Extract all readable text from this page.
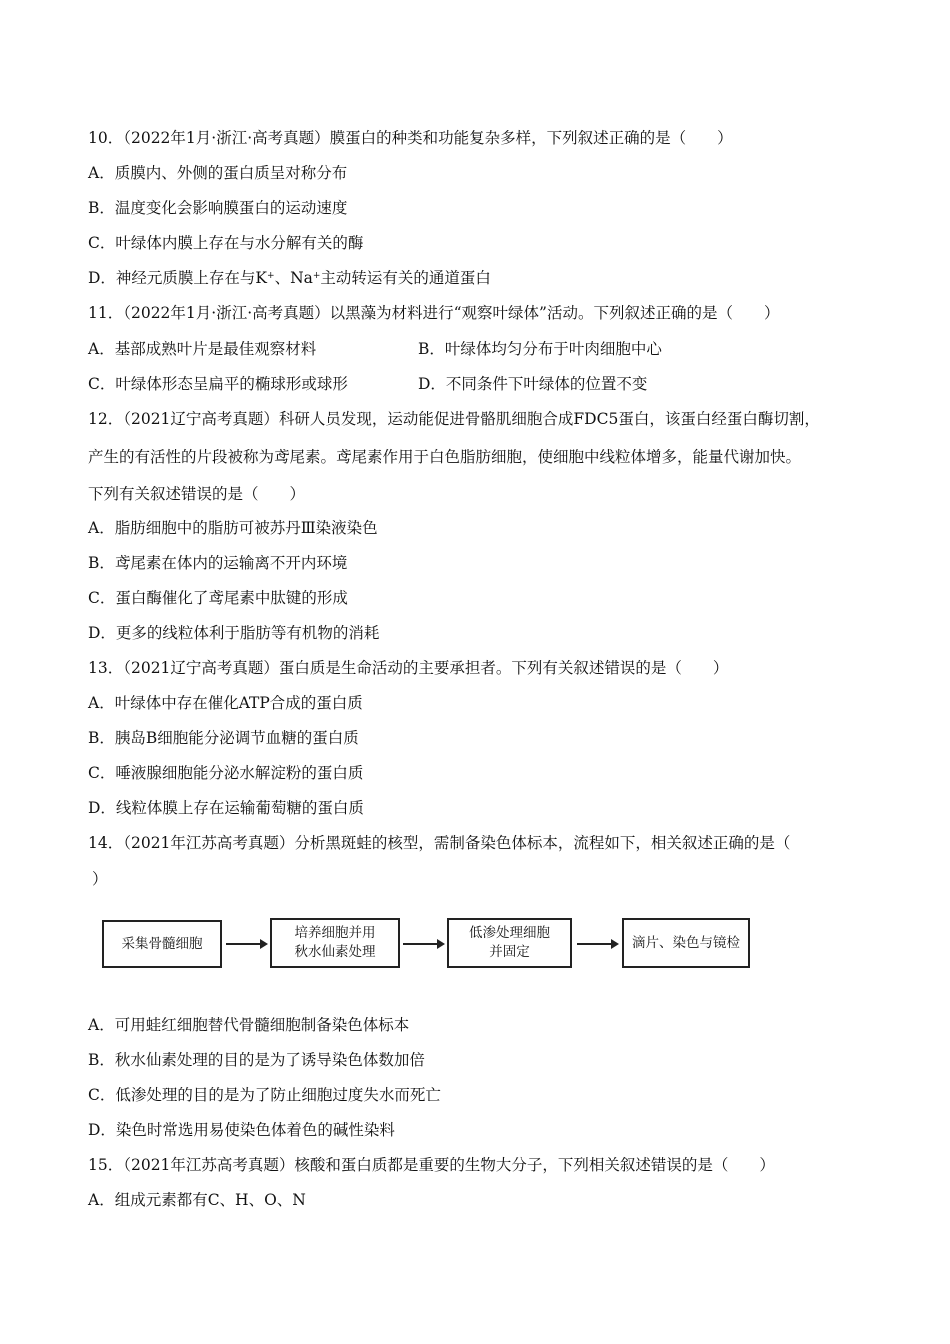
10．（2022年1月·浙江·高考真题）膜蛋白的种类和功能复杂多样，下列叙述正确的是（　　）
A．质膜内、外侧的蛋白质呈对称分布
B．温度变化会影响膜蛋白的运动速度
C．叶绿体内膜上存在与水分解有关的酶
D．神经元质膜上存在与K+、Na+主动转运有关的通道蛋白
11．（2022年1月·浙江·高考真题）以黑藻为材料进行“观察叶绿体”活动。下列叙述正确的是（　　）
A．基部成熟叶片是最佳观察材料	B．叶绿体均匀分布于叶肉细胞中心
C．叶绿体形态呈扁平的椭球形或球形	D．不同条件下叶绿体的位置不变
12．（2021辽宁高考真题）科研人员发现，运动能促进骨骼肌细胞合成FDC5蛋白，该蛋白经蛋白酶切割，
产生的有活性的片段被称为鸢尾素。鸢尾素作用于白色脂肪细胞，使细胞中线粒体增多，能量代谢加快。
下列有关叙述错误的是（　　）
A．脂肪细胞中的脂肪可被苏丹Ⅲ染液染色
B．鸢尾素在体内的运输离不开内环境
C．蛋白酶催化了鸢尾素中肽键的形成
D．更多的线粒体利于脂肪等有机物的消耗
13．（2021辽宁高考真题）蛋白质是生命活动的主要承担者。下列有关叙述错误的是（　　）
A．叶绿体中存在催化ATP合成的蛋白质
B．胰岛B细胞能分泌调节血糖的蛋白质
C．唾液腺细胞能分泌水解淀粉的蛋白质
D．线粒体膜上存在运输葡萄糖的蛋白质
14．（2021年江苏高考真题）分析黑斑蛙的核型，需制备染色体标本，流程如下，相关叙述正确的是（
）
采集骨髓细胞
培养细胞并用
秋水仙素处理
低渗处理细胞
并固定
滴片、染色与镜检
A．可用蛙红细胞替代骨髓细胞制备染色体标本
B．秋水仙素处理的目的是为了诱导染色体数加倍
C．低渗处理的目的是为了防止细胞过度失水而死亡
D．染色时常选用易使染色体着色的碱性染料
15．（2021年江苏高考真题）核酸和蛋白质都是重要的生物大分子，下列相关叙述错误的是（　　）
A．组成元素都有C、H、O、N
